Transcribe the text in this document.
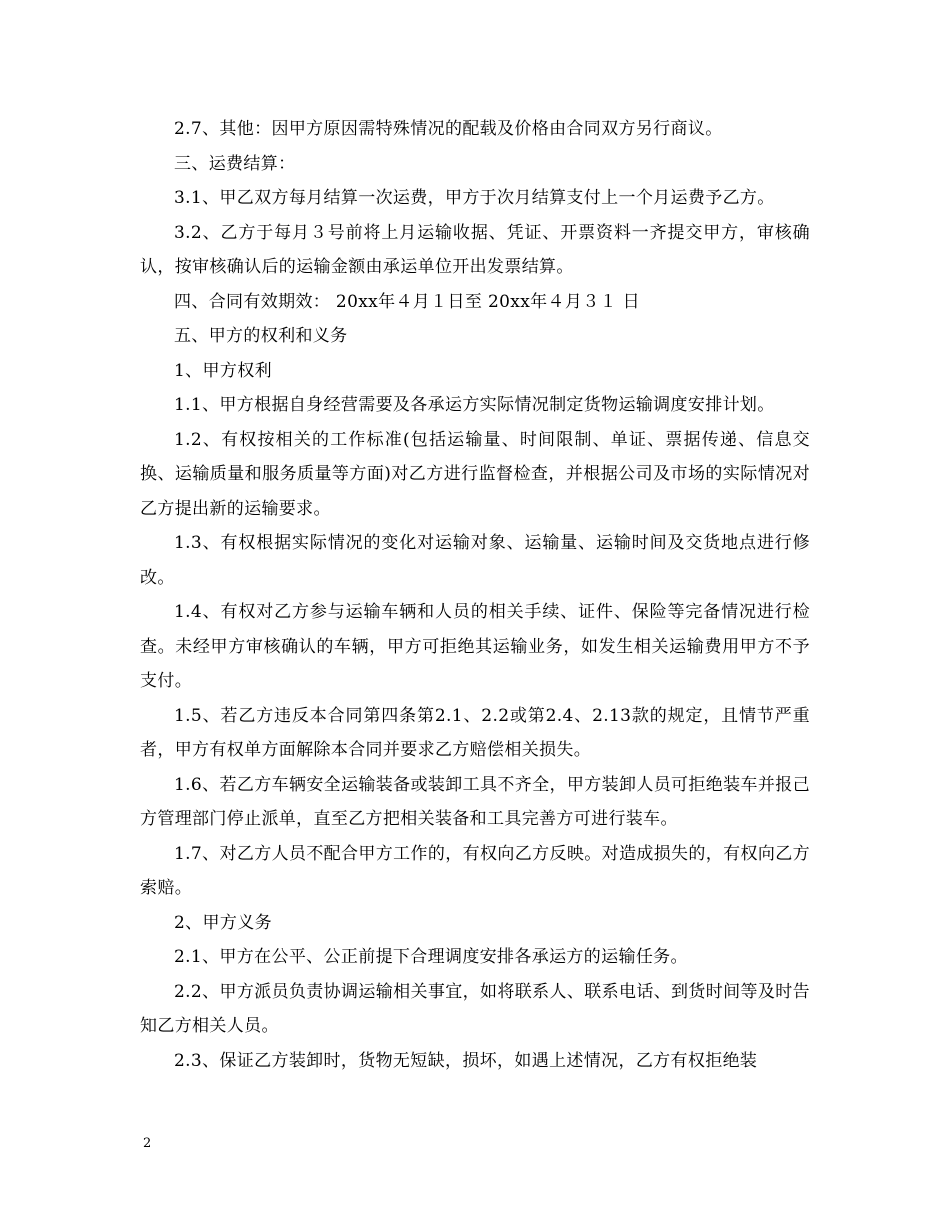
2.7、其他：因甲方原因需特殊情况的配载及价格由合同双方另行商议。

三、运费结算：

3.1、甲乙双方每月结算一次运费，甲方于次月结算支付上一个月运费予乙方。

3.2、乙方于每月３号前将上月运输收据、凭证、开票资料一齐提交甲方，审核确认，按审核确认后的运输金额由承运单位开出发票结算。

四、合同有效期效： 20xx年４月１日至 20xx年４月３１ 日

五、甲方的权利和义务

1、甲方权利

1.1、甲方根据自身经营需要及各承运方实际情况制定货物运输调度安排计划。

1.2、有权按相关的工作标准(包括运输量、时间限制、单证、票据传递、信息交换、运输质量和服务质量等方面)对乙方进行监督检查，并根据公司及市场的实际情况对乙方提出新的运输要求。

1.3、有权根据实际情况的变化对运输对象、运输量、运输时间及交货地点进行修改。

1.4、有权对乙方参与运输车辆和人员的相关手续、证件、保险等完备情况进行检查。未经甲方审核确认的车辆，甲方可拒绝其运输业务，如发生相关运输费用甲方不予支付。

1.5、若乙方违反本合同第四条第2.1、2.2或第2.4、2.13款的规定，且情节严重者，甲方有权单方面解除本合同并要求乙方赔偿相关损失。

1.6、若乙方车辆安全运输装备或装卸工具不齐全，甲方装卸人员可拒绝装车并报己方管理部门停止派单，直至乙方把相关装备和工具完善方可进行装车。

1.7、对乙方人员不配合甲方工作的，有权向乙方反映。对造成损失的，有权向乙方索赔。

2、甲方义务

2.1、甲方在公平、公正前提下合理调度安排各承运方的运输任务。

2.2、甲方派员负责协调运输相关事宜，如将联系人、联系电话、到货时间等及时告知乙方相关人员。

2.3、保证乙方装卸时，货物无短缺，损坏，如遇上述情况，乙方有权拒绝装

2
